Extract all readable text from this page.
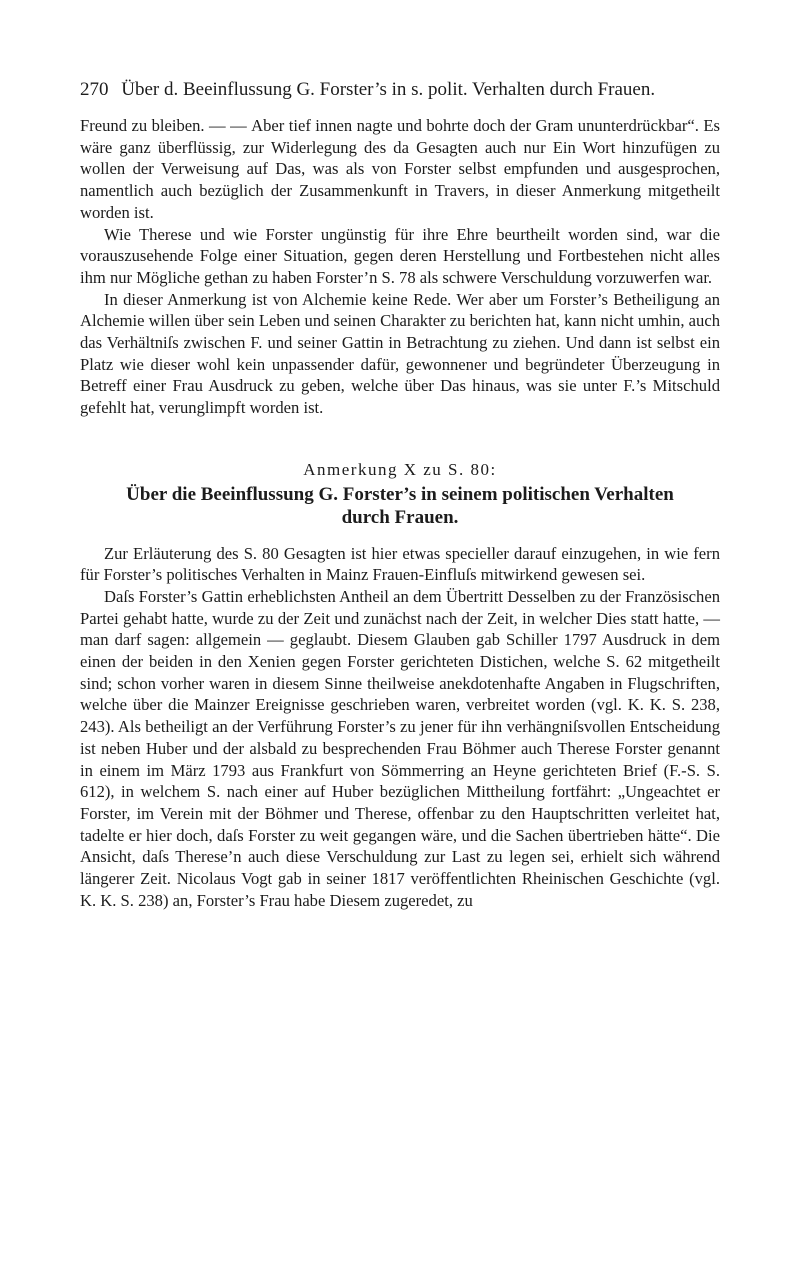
270 Über d. Beeinflussung G. Forster’s in s. polit. Verhalten durch Frauen.

Freund zu bleiben. — — Aber tief innen nagte und bohrte doch der Gram ununterdrückbar“. Es wäre ganz überflüssig, zur Widerlegung des da Gesagten auch nur Ein Wort hinzufügen zu wollen der Verweisung auf Das, was als von Forster selbst empfunden und ausgesprochen, namentlich auch bezüglich der Zusammenkunft in Travers, in dieser Anmerkung mitgetheilt worden ist.

Wie Therese und wie Forster ungünstig für ihre Ehre beurtheilt worden sind, war die vorauszusehende Folge einer Situation, gegen deren Herstellung und Fortbestehen nicht alles ihm nur Mögliche gethan zu haben Forster’n S. 78 als schwere Verschuldung vorzuwerfen war.

In dieser Anmerkung ist von Alchemie keine Rede. Wer aber um Forster’s Betheiligung an Alchemie willen über sein Leben und seinen Charakter zu berichten hat, kann nicht umhin, auch das Verhältniſs zwischen F. und seiner Gattin in Betrachtung zu ziehen. Und dann ist selbst ein Platz wie dieser wohl kein unpassender dafür, gewonnener und begründeter Überzeugung in Betreff einer Frau Ausdruck zu geben, welche über Das hinaus, was sie unter F.’s Mitschuld gefehlt hat, verunglimpft worden ist.

Anmerkung X zu S. 80:
Über die Beeinflussung G. Forster’s in seinem politischen Verhalten
durch Frauen.

Zur Erläuterung des S. 80 Gesagten ist hier etwas specieller darauf einzugehen, in wie fern für Forster’s politisches Verhalten in Mainz Frauen-Einfluſs mitwirkend gewesen sei.

Daſs Forster’s Gattin erheblichsten Antheil an dem Übertritt Desselben zu der Französischen Partei gehabt hatte, wurde zu der Zeit und zunächst nach der Zeit, in welcher Dies statt hatte, — man darf sagen: allgemein — geglaubt. Diesem Glauben gab Schiller 1797 Ausdruck in dem einen der beiden in den Xenien gegen Forster gerichteten Distichen, welche S. 62 mitgetheilt sind; schon vorher waren in diesem Sinne theilweise anekdotenhafte Angaben in Flugschriften, welche über die Mainzer Ereignisse geschrieben waren, verbreitet worden (vgl. K. K. S. 238, 243). Als betheiligt an der Verführung Forster’s zu jener für ihn verhängniſsvollen Entscheidung ist neben Huber und der alsbald zu besprechenden Frau Böhmer auch Therese Forster genannt in einem im März 1793 aus Frankfurt von Sömmerring an Heyne gerichteten Brief (F.-S. S. 612), in welchem S. nach einer auf Huber bezüglichen Mittheilung fortfährt: „Ungeachtet er Forster, im Verein mit der Böhmer und Therese, offenbar zu den Hauptschritten verleitet hat, tadelte er hier doch, daſs Forster zu weit gegangen wäre, und die Sachen übertrieben hätte“. Die Ansicht, daſs Therese’n auch diese Verschuldung zur Last zu legen sei, erhielt sich während längerer Zeit. Nicolaus Vogt gab in seiner 1817 veröffentlichten Rheinischen Geschichte (vgl. K. K. S. 238) an, Forster’s Frau habe Diesem zugeredet, zu
